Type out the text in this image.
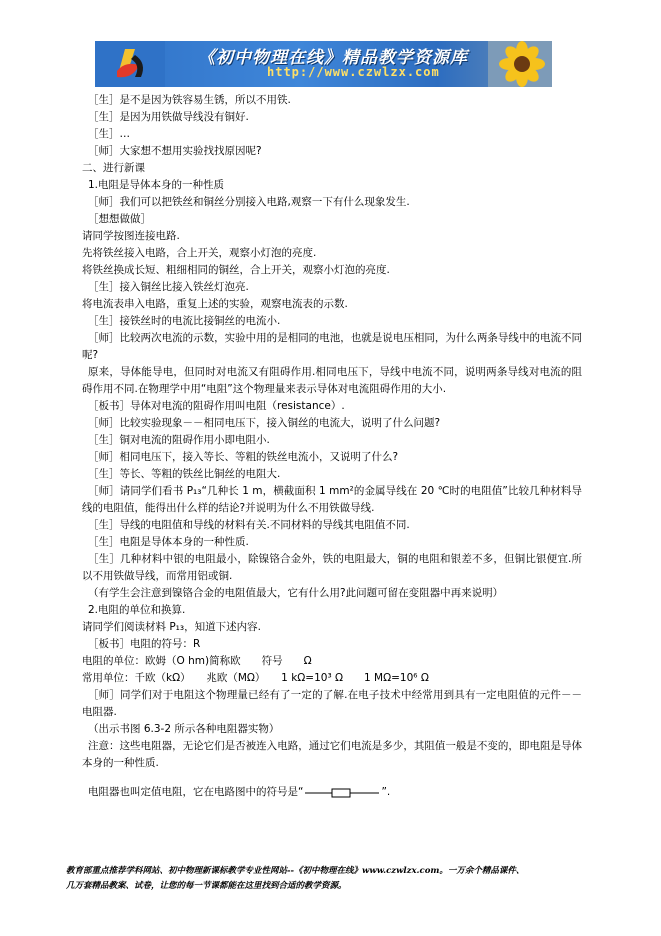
《初中物理在线》精品教学资源库
http://www.czwlzx.com

［生］是不是因为铁容易生锈，所以不用铁.

［生］是因为用铁做导线没有铜好.

［生］…

［师］大家想不想用实验找找原因呢?

二、进行新课

1.电阻是导体本身的一种性质

［师］我们可以把铁丝和铜丝分别接入电路,观察一下有什么现象发生.

［想想做做］

请同学按图连接电路.

先将铁丝接入电路，合上开关，观察小灯泡的亮度.

将铁丝换成长短、粗细相同的铜丝，合上开关，观察小灯泡的亮度.

［生］接入铜丝比接入铁丝灯泡亮.

将电流表串入电路，重复上述的实验，观察电流表的示数.

［生］接铁丝时的电流比接铜丝的电流小.

［师］比较两次电流的示数，实验中用的是相同的电池，也就是说电压相同，为什么两条导线中的电流不同呢?

原来，导体能导电，但同时对电流又有阻碍作用.相同电压下，导线中电流不同，说明两条导线对电流的阻碍作用不同.在物理学中用“电阻”这个物理量来表示导体对电流阻碍作用的大小.

［板书］导体对电流的阻碍作用叫电阻（resistance）.

［师］比较实验现象－－相同电压下，接入铜丝的电流大，说明了什么问题?

［生］铜对电流的阻碍作用小即电阻小.

［师］相同电压下，接入等长、等粗的铁丝电流小，又说明了什么?

［生］等长、等粗的铁丝比铜丝的电阻大.

［师］请同学们看书 P₁₃“几种长 1 m，横截面积 1 mm²的金属导线在 20 ℃时的电阻值”比较几种材料导线的电阻值，能得出什么样的结论?并说明为什么不用铁做导线.

［生］导线的电阻值和导线的材料有关.不同材料的导线其电阻值不同.

［生］电阻是导体本身的一种性质.

［生］几种材料中银的电阻最小，除镍铬合金外，铁的电阻最大，铜的电阻和银差不多，但铜比银便宜.所以不用铁做导线，而常用铝或铜.

（有学生会注意到镍铬合金的电阻值最大，它有什么用?此问题可留在变阻器中再来说明）

2.电阻的单位和换算.

请同学们阅读材料 P₁₃，知道下述内容.

［板书］电阻的符号：R

电阻的单位：欧姆（O hm)简称欧　　符号　　Ω

常用单位：千欧（kΩ）　　兆欧（MΩ）　　1 kΩ=10³ Ω　　1 MΩ=10⁶ Ω

［师］同学们对于电阻这个物理量已经有了一定的了解.在电子技术中经常用到具有一定电阻值的元件－－电阻器.

（出示书图 6.3-2 所示各种电阻器实物）

注意：这些电阻器，无论它们是否被连入电路，通过它们电流是多少，其阻值一般是不变的，即电阻是导体本身的一种性质.

电阻器也叫定值电阻，它在电路图中的符号是“	”.

教育部重点推荐学科网站、初中物理新课标教学专业性网站--《初中物理在线》www.czwlzx.com。一万余个精品课件、

几万套精品教案、试卷，让您的每一节课都能在这里找到合适的教学资源。
